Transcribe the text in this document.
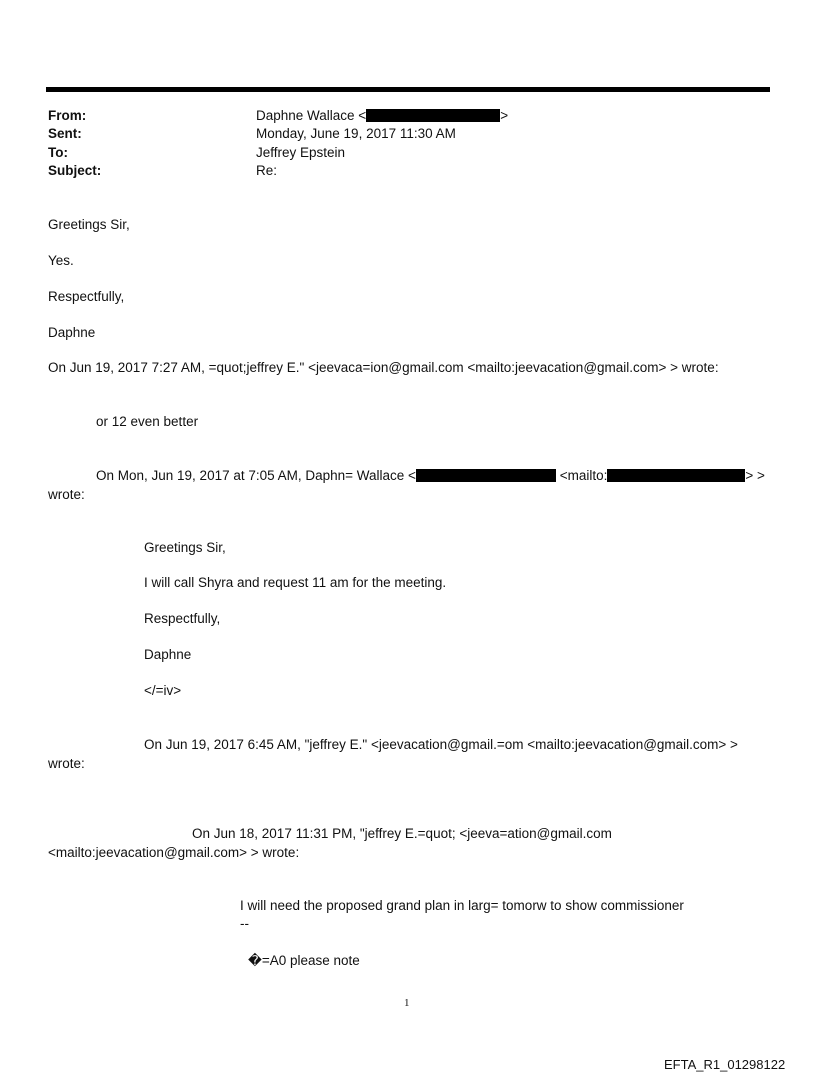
From:	Daphne Wallace <	>
Sent:	Monday, June 19, 2017 11:30 AM
To:	Jeffrey Epstein
Subject:	Re:
Greetings Sir,
Yes.
Respectfully,
Daphne
On Jun 19, 2017 7:27 AM, =quot;jeffrey E." <jeevaca=ion@gmail.com <mailto:jeevacation@gmail.com> > wrote:
or 12 even better
On Mon, Jun 19, 2017 at 7:05 AM, Daphn= Wallace <	<mailto:	> >
wrote:
Greetings Sir,
I will call Shyra and request 11 am for the meeting.
Respectfully,
Daphne
</=iv>
On Jun 19, 2017 6:45 AM, "jeffrey E." <jeevacation@gmail.=om <mailto:jeevacation@gmail.com> >
wrote:
On Jun 18, 2017 11:31 PM, "jeffrey E.=quot; <jeeva=ation@gmail.com
<mailto:jeevacation@gmail.com> > wrote:
I will need the proposed grand plan in larg= tomorw to show commissioner
--
�=A0 please note
1
EFTA_R1_01298122
